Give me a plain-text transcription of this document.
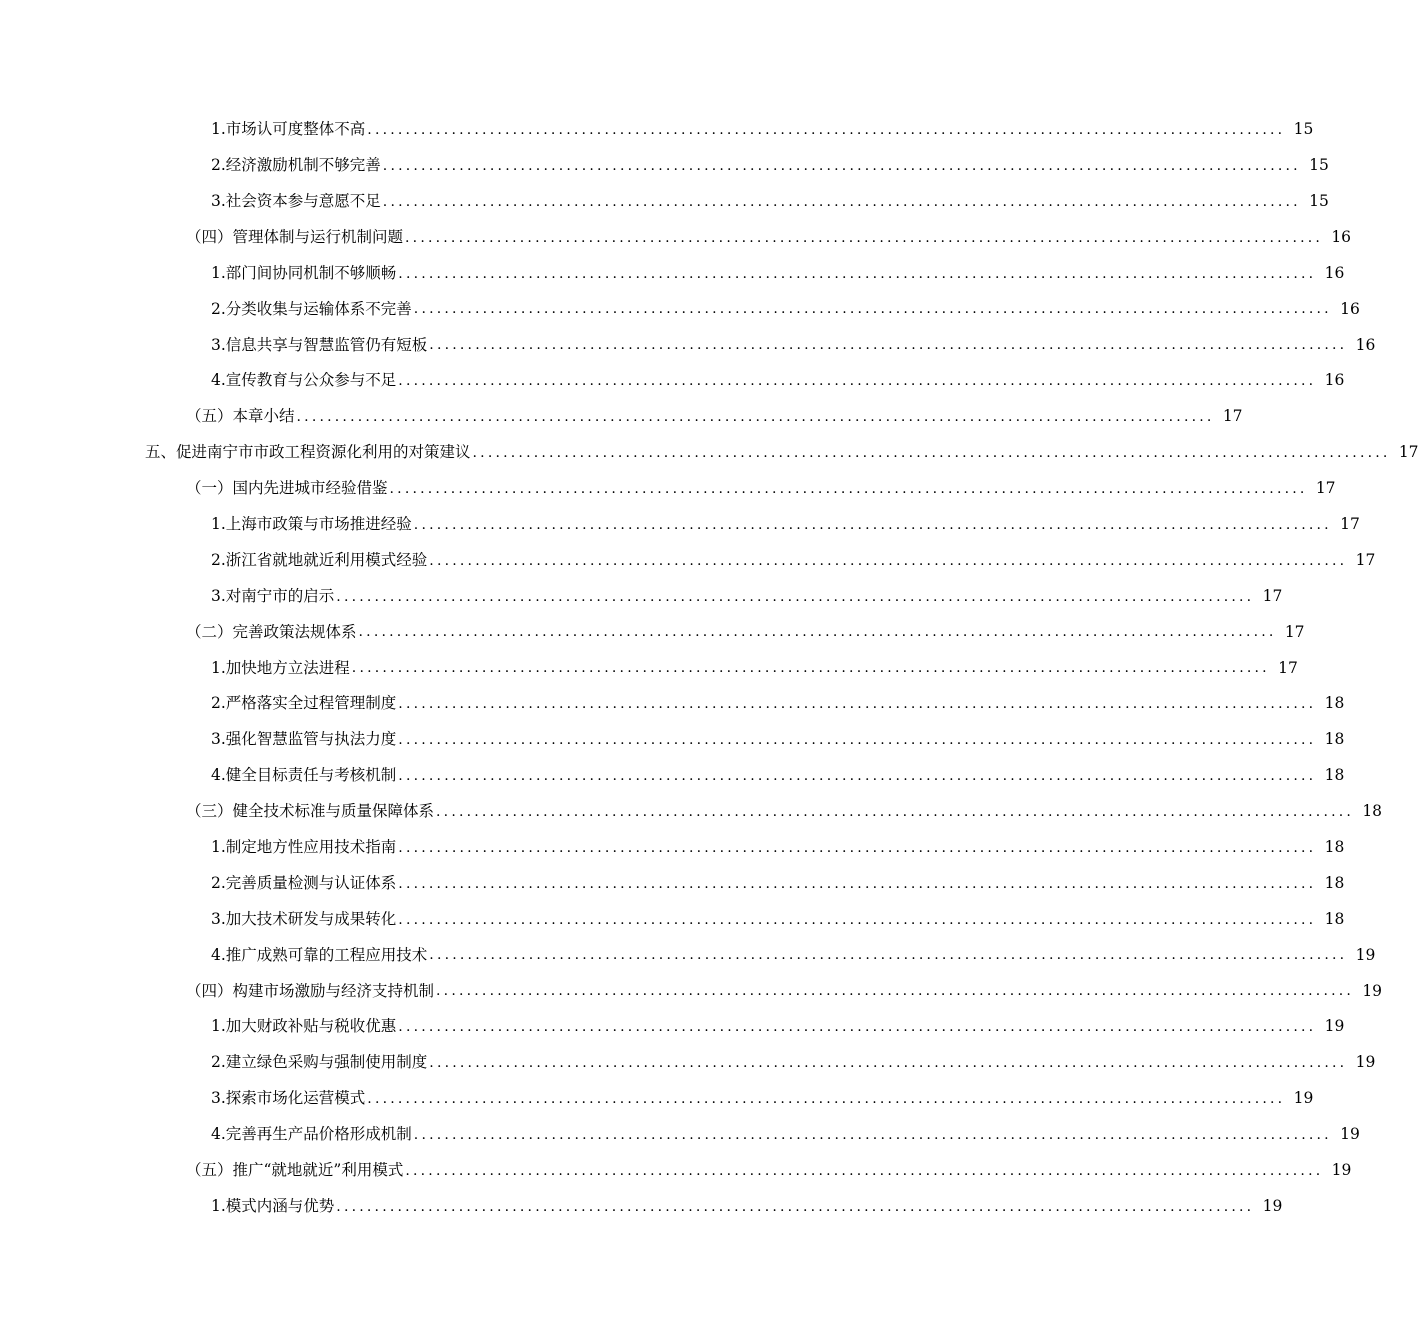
1.市场认可度整体不高 ........................................................................................................................ 15
2.经济激励机制不够完善 ........................................................................................................................ 15
3.社会资本参与意愿不足 ........................................................................................................................ 15
（四）管理体制与运行机制问题 ........................................................................................................................ 16
1.部门间协同机制不够顺畅 ........................................................................................................................ 16
2.分类收集与运输体系不完善 ........................................................................................................................ 16
3.信息共享与智慧监管仍有短板 ........................................................................................................................ 16
4.宣传教育与公众参与不足 ........................................................................................................................ 16
（五）本章小结 ........................................................................................................................ 17
五、促进南宁市市政工程资源化利用的对策建议 ........................................................................................................................ 17
（一）国内先进城市经验借鉴 ........................................................................................................................ 17
1.上海市政策与市场推进经验 ........................................................................................................................ 17
2.浙江省就地就近利用模式经验 ........................................................................................................................ 17
3.对南宁市的启示 ........................................................................................................................ 17
（二）完善政策法规体系 ........................................................................................................................ 17
1.加快地方立法进程 ........................................................................................................................ 17
2.严格落实全过程管理制度 ........................................................................................................................ 18
3.强化智慧监管与执法力度 ........................................................................................................................ 18
4.健全目标责任与考核机制 ........................................................................................................................ 18
（三）健全技术标准与质量保障体系 ........................................................................................................................ 18
1.制定地方性应用技术指南 ........................................................................................................................ 18
2.完善质量检测与认证体系 ........................................................................................................................ 18
3.加大技术研发与成果转化 ........................................................................................................................ 18
4.推广成熟可靠的工程应用技术 ........................................................................................................................ 19
（四）构建市场激励与经济支持机制 ........................................................................................................................ 19
1.加大财政补贴与税收优惠 ........................................................................................................................ 19
2.建立绿色采购与强制使用制度 ........................................................................................................................ 19
3.探索市场化运营模式 ........................................................................................................................ 19
4.完善再生产品价格形成机制 ........................................................................................................................ 19
（五）推广“就地就近”利用模式 ........................................................................................................................ 19
1.模式内涵与优势 ........................................................................................................................ 19
